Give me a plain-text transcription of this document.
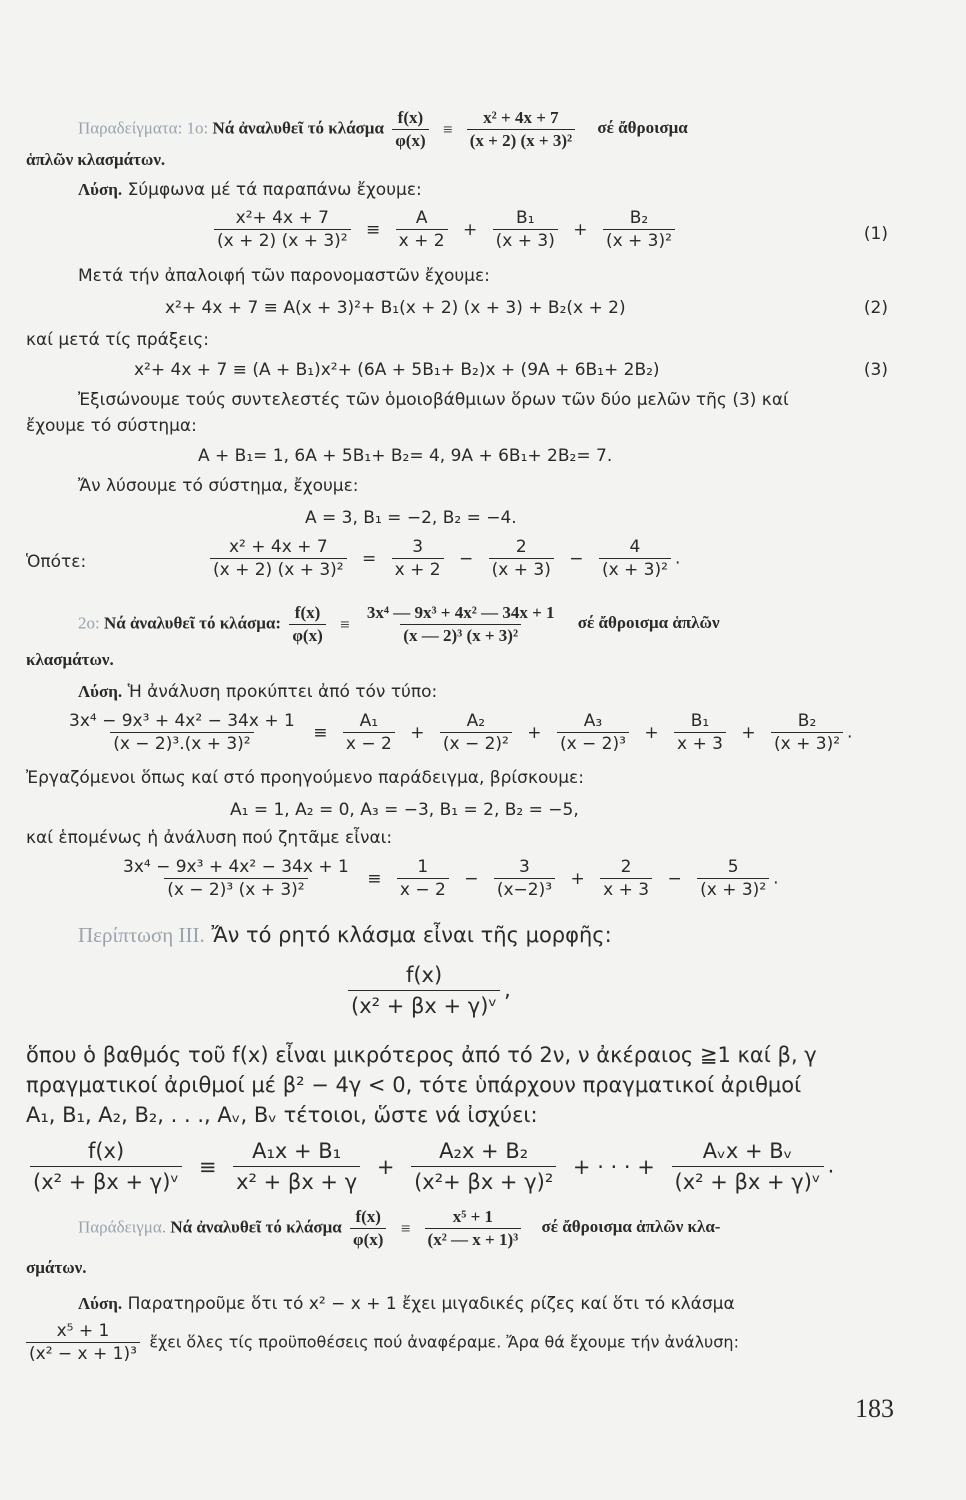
Παραδείγματα: 1ο: Νά ἀναλυθεῖ τό κλάσμα $\frac{f(x)}{\varphi(x)} \equiv \frac{\text{x² + 4x + 7}}{\text{(x + 2) (x + 3)²}}$ σέ ἄθροισμα
ἁπλῶν κλασμάτων.
Λύση. Σύμφωνα μέ τά παραπάνω ἔχουμε:
$\frac{\text{x²+ 4x + 7}}{\text{(x + 2) (x + 3)²}} \equiv \frac{A}{x + 2} + \frac{\text{B₁}}{(x + 3)} + \frac{\text{B₂}}{\text{(x + 3)²}}$	(1)
Μετά τήν ἀπαλοιφή τῶν παρονομαστῶν ἔχουμε:
x²+ 4x + 7 ≡ A(x + 3)²+ B₁(x + 2) (x + 3) + B₂(x + 2)	(2)
καί μετά τίς πράξεις:
x²+ 4x + 7 ≡ (A + B₁)x²+ (6A + 5B₁+ B₂)x + (9A + 6B₁+ 2B₂)	(3)
Ἐξισώνουμε τούς συντελεστές τῶν ὁμοιοβάθμιων ὅρων τῶν δύο μελῶν τῆς (3) καί
ἔχουμε τό σύστημα:
A + B₁= 1, 6A + 5B₁+ B₂= 4, 9A + 6B₁+ 2B₂= 7.
Ἄν λύσουμε τό σύστημα, ἔχουμε:
A = 3, B₁ = −2, B₂ = −4.
Ὁπότε:	$\frac{\text{x² + 4x + 7}}{\text{(x + 2) (x + 3)²}} = \frac{3}{x + 2} - \frac{2}{(x + 3)} - \frac{4}{\text{(x + 3)²}}$ .
2ο: Νά ἀναλυθεῖ τό κλάσμα: $\frac{f(x)}{\varphi(x)} \equiv \frac{\text{3x⁴ — 9x³ + 4x² — 34x + 1}}{\text{(x — 2)³ (x + 3)²}}$ σέ ἄθροισμα ἁπλῶν
κλασμάτων.
Λύση. Ἡ ἀνάλυση προκύπτει ἀπό τόν τύπο:
$\frac{\text{3x⁴ − 9x³ + 4x² − 34x + 1}}{\text{(x − 2)³.(x + 3)²}} \equiv \frac{\text{A₁}}{x - 2} + \frac{\text{A₂}}{\text{(x − 2)²}} + \frac{\text{A₃}}{\text{(x − 2)³}} + \frac{\text{B₁}}{x + 3} + \frac{\text{B₂}}{\text{(x + 3)²}}$ .
Ἐργαζόμενοι ὅπως καί στό προηγούμενο παράδειγμα, βρίσκουμε:
A₁ = 1, A₂ = 0, A₃ = −3, B₁ = 2, B₂ = −5,
καί ἑπομένως ἡ ἀνάλυση πού ζητᾶμε εἶναι:
$\frac{\text{3x⁴ − 9x³ + 4x² − 34x + 1}}{\text{(x − 2)³ (x + 3)²}} \equiv \frac{1}{x - 2} - \frac{3}{\text{(x−2)³}} + \frac{2}{x + 3} - \frac{5}{\text{(x + 3)²}}$ .
Περίπτωση III. Ἄν τό ρητό κλάσμα εἶναι τῆς μορφῆς:
$\frac{f(x)}{\text{(x² + βx + γ)ᵛ}}$ ,
ὅπου ὁ βαθμός τοῦ f(x) εἶναι μικρότερος ἀπό τό 2ν, ν ἀκέραιος ≧1 καί β, γ
πραγματικοί ἀριθμοί μέ β² − 4γ < 0, τότε ὑπάρχουν πραγματικοί ἀριθμοί
A₁, B₁, A₂, B₂, . . ., Aᵥ, Bᵥ τέτοιοι, ὥστε νά ἰσχύει:
$\frac{f(x)}{\text{(x² + βx + γ)ᵛ}} \equiv \frac{\text{A₁x + B₁}}{\text{x² + βx + γ}} + \frac{\text{A₂x + B₂}}{\text{(x²+ βx + γ)²}}$ + · · · + $\frac{\text{Aᵥx + Bᵥ}}{\text{(x² + βx + γ)ᵛ}}$ .
Παράδειγμα. Νά ἀναλυθεῖ τό κλάσμα $\frac{f(x)}{\varphi(x)} \equiv \frac{\text{x⁵ + 1}}{\text{(x² — x + 1)³}}$ σέ ἄθροισμα ἁπλῶν κλα-
σμάτων.
Λύση. Παρατηροῦμε ὅτι τό x² − x + 1 ἔχει μιγαδικές ρίζες καί ὅτι τό κλάσμα
$\frac{\text{x⁵ + 1}}{\text{(x² − x + 1)³}}$ ἔχει ὅλες τίς προϋποθέσεις πού ἀναφέραμε. Ἄρα θά ἔχουμε τήν ἀνάλυση:
183
